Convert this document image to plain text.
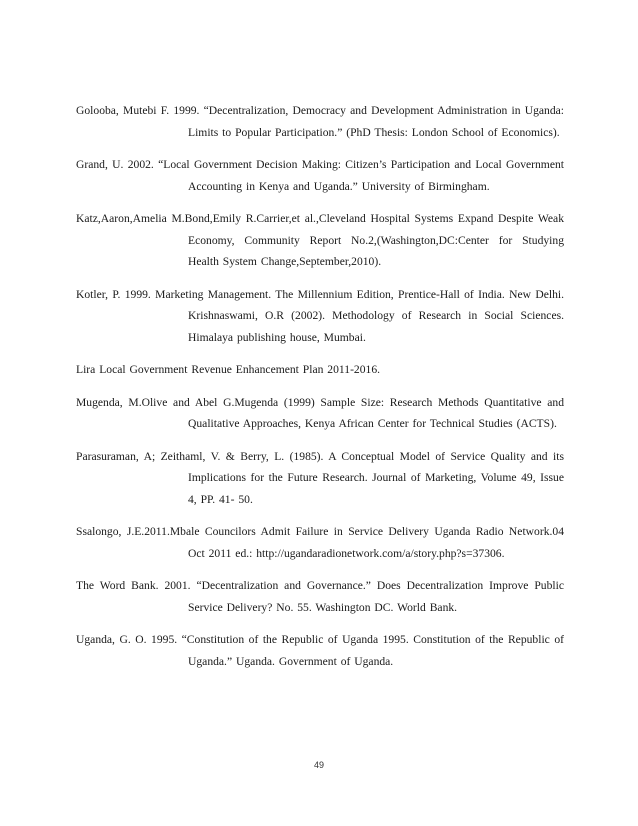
Golooba, Mutebi F. 1999. “Decentralization, Democracy and Development Administration in Uganda: Limits to Popular Participation.” (PhD Thesis: London School of Economics).

Grand, U. 2002. “Local Government Decision Making: Citizen’s Participation and Local Government Accounting in Kenya and Uganda.” University of Birmingham.

Katz,Aaron,Amelia M.Bond,Emily R.Carrier,et al.,Cleveland Hospital Systems Expand Despite Weak Economy, Community Report No.2,(Washington,DC:Center for Studying Health System Change,September,2010).

Kotler, P. 1999. Marketing Management. The Millennium Edition, Prentice-Hall of India. New Delhi. Krishnaswami, O.R (2002). Methodology of Research in Social Sciences. Himalaya publishing house, Mumbai.

Lira Local Government Revenue Enhancement Plan 2011-2016.

Mugenda, M.Olive and Abel G.Mugenda (1999) Sample Size: Research Methods Quantitative and Qualitative Approaches, Kenya African Center for Technical Studies (ACTS).

Parasuraman, A; Zeithaml, V. & Berry, L. (1985). A Conceptual Model of Service Quality and its Implications for the Future Research. Journal of Marketing, Volume 49, Issue 4, PP. 41- 50.

Ssalongo, J.E.2011.Mbale Councilors Admit Failure in Service Delivery Uganda Radio Network.04 Oct 2011 ed.: http://ugandaradionetwork.com/a/story.php?s=37306.

The Word Bank. 2001. “Decentralization and Governance.” Does Decentralization Improve Public Service Delivery? No. 55. Washington DC. World Bank.

Uganda, G. O. 1995. “Constitution of the Republic of Uganda 1995. Constitution of the Republic of Uganda.” Uganda. Government of Uganda.

49
